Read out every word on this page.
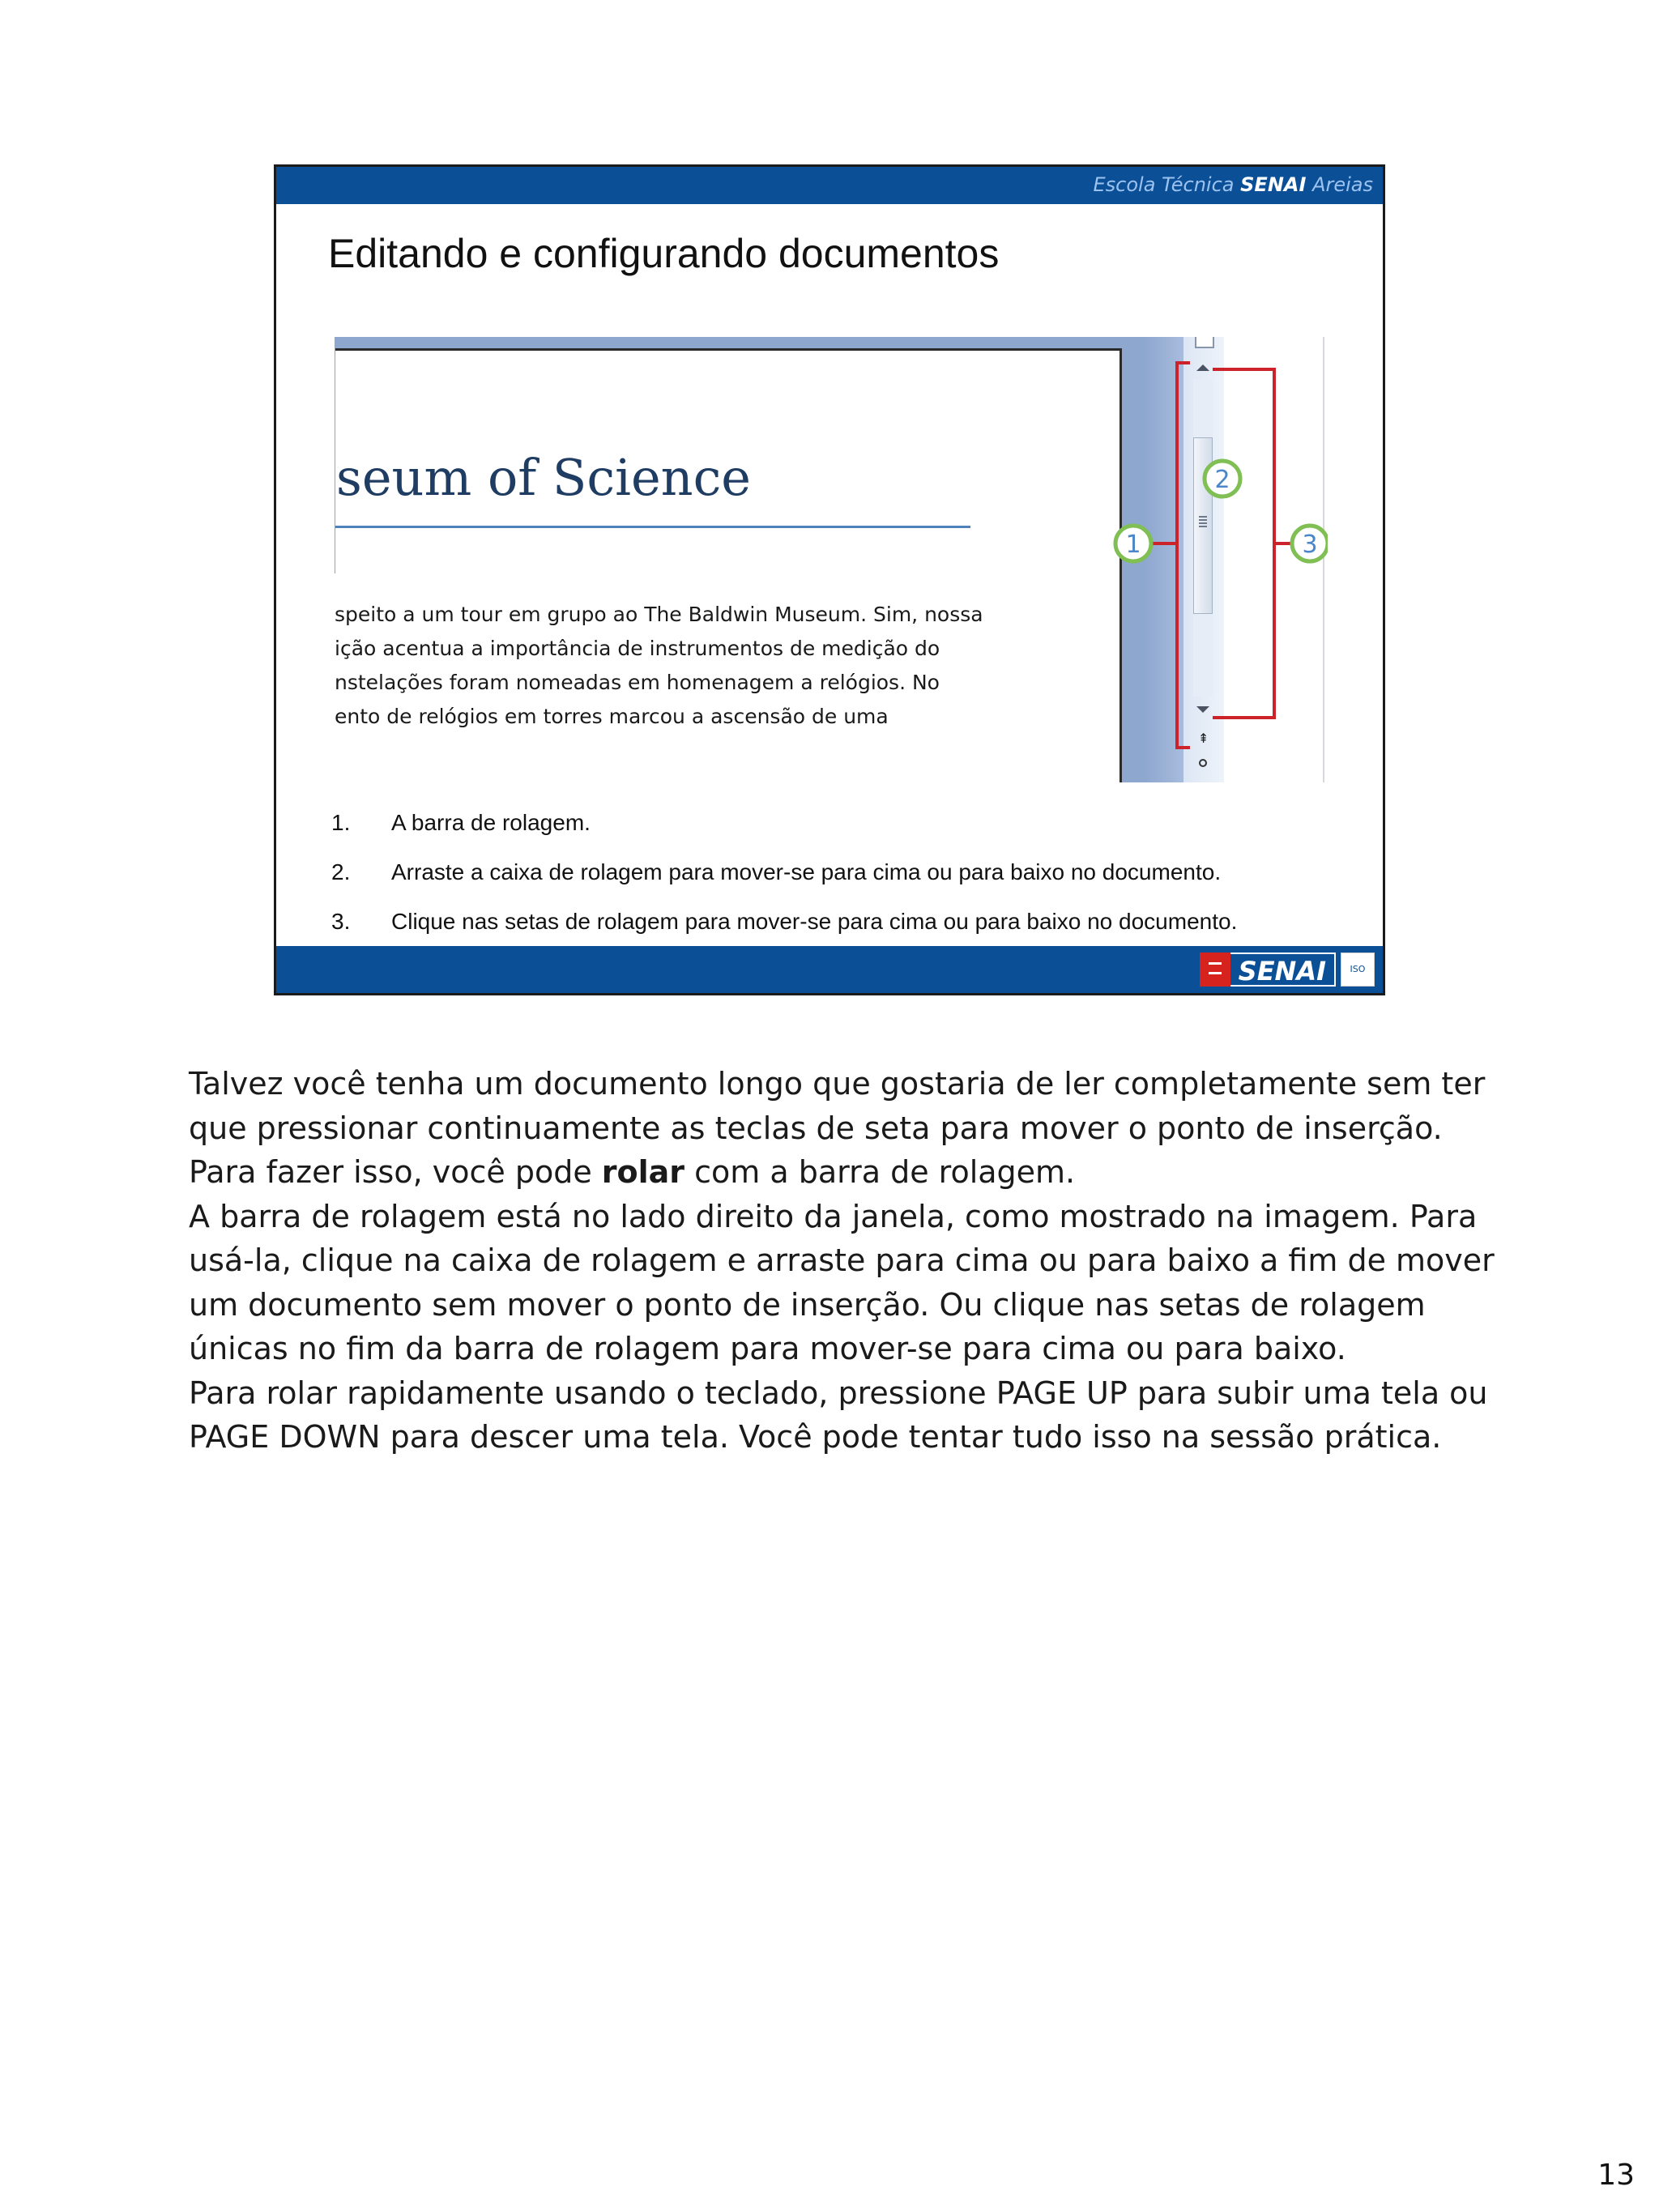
Escola Técnica SENAI Areias
Editando e configurando documentos
seum of Science
speito a um tour em grupo ao The Baldwin Museum. Sim, nossa
ição acentua a importância de instrumentos de medição do
nstelações foram nomeadas em homenagem a relógios. No
ento de relógios em torres marcou a ascensão de uma
⇞
1
2
3
1. A barra de rolagem.
2. Arraste a caixa de rolagem para mover-se para cima ou para baixo no documento.
3. Clique nas setas de rolagem para mover-se para cima ou para baixo no documento.
SENAI	ISO

Talvez você tenha um documento longo que gostaria de ler completamente sem ter que pressionar continuamente as teclas de seta para mover o ponto de inserção. Para fazer isso, você pode rolar com a barra de rolagem.

A barra de rolagem está no lado direito da janela, como mostrado na imagem. Para usá-la, clique na caixa de rolagem e arraste para cima ou para baixo a fim de mover um documento sem mover o ponto de inserção. Ou clique nas setas de rolagem únicas no fim da barra de rolagem para mover-se para cima ou para baixo.

Para rolar rapidamente usando o teclado, pressione PAGE UP para subir uma tela ou PAGE DOWN para descer uma tela. Você pode tentar tudo isso na sessão prática.

13
